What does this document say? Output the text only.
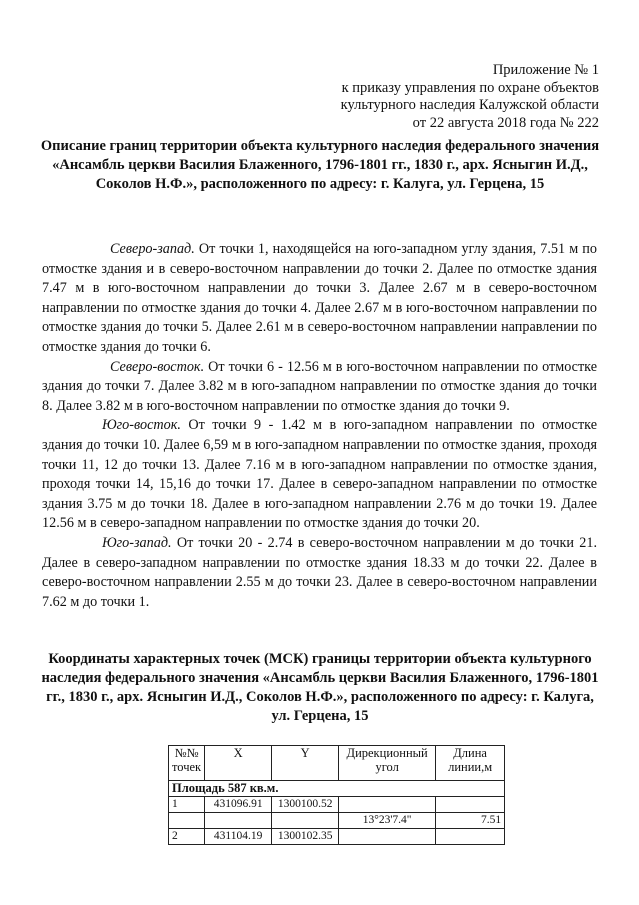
Приложение № 1
к приказу управления по охране объектов
культурного наследия Калужской области
от 22 августа 2018 года № 222
Описание границ территории объекта культурного наследия федерального значения «Ансамбль церкви Василия Блаженного, 1796-1801 гг., 1830 г., арх. Ясныгин И.Д., Соколов Н.Ф.», расположенного по адресу: г. Калуга, ул. Герцена, 15

Северо-запад. От точки 1, находящейся на юго-западном углу здания, 7.51 м по отмостке здания и в северо-восточном направлении до точки 2. Далее по отмостке здания 7.47 м в юго-восточном направлении до точки 3. Далее 2.67 м в северо-восточном направлении по отмостке здания до точки 4. Далее 2.67 м в юго-восточном направлении по отмостке здания до точки 5. Далее 2.61 м в северо-восточном направлении направлении по отмостке здания до точки 6.

Северо-восток. От точки 6 - 12.56 м в юго-восточном направлении по отмостке здания до точки 7. Далее 3.82 м в юго-западном направлении по отмостке здания до точки 8. Далее 3.82 м в юго-восточном направлении по отмостке здания до точки 9.

Юго-восток. От точки 9 - 1.42 м в юго-западном направлении по отмостке здания до точки 10. Далее 6,59 м в юго-западном направлении по отмостке здания, проходя точки 11, 12 до точки 13. Далее 7.16 м в юго-западном направлении по отмостке здания, проходя точки 14, 15,16 до точки 17. Далее в северо-западном направлении по отмостке здания 3.75 м до точки 18. Далее в юго-западном направлении 2.76 м до точки 19. Далее 12.56 м в северо-западном направлении по отмостке здания до точки 20.

Юго-запад. От точки 20 - 2.74 в северо-восточном направлении м до точки 21. Далее в северо-западном направлении по отмостке здания 18.33 м до точки 22. Далее в северо-восточном направлении 2.55 м до точки 23. Далее в северо-восточном направлении 7.62 м до точки 1.

Координаты характерных точек (МСК) границы территории объекта культурного наследия федерального значения «Ансамбль церкви Василия Блаженного, 1796-1801 гг., 1830 г., арх. Ясныгин И.Д., Соколов Н.Ф.», расположенного по адресу: г. Калуга, ул. Герцена, 15
№№ точек	X	Y	Дирекционный угол	Длина линии,м
Площадь 587 кв.м.				
1	431096.91	1300100.52		
			13°23'7.4"	7.51
2	431104.19	1300102.35		
